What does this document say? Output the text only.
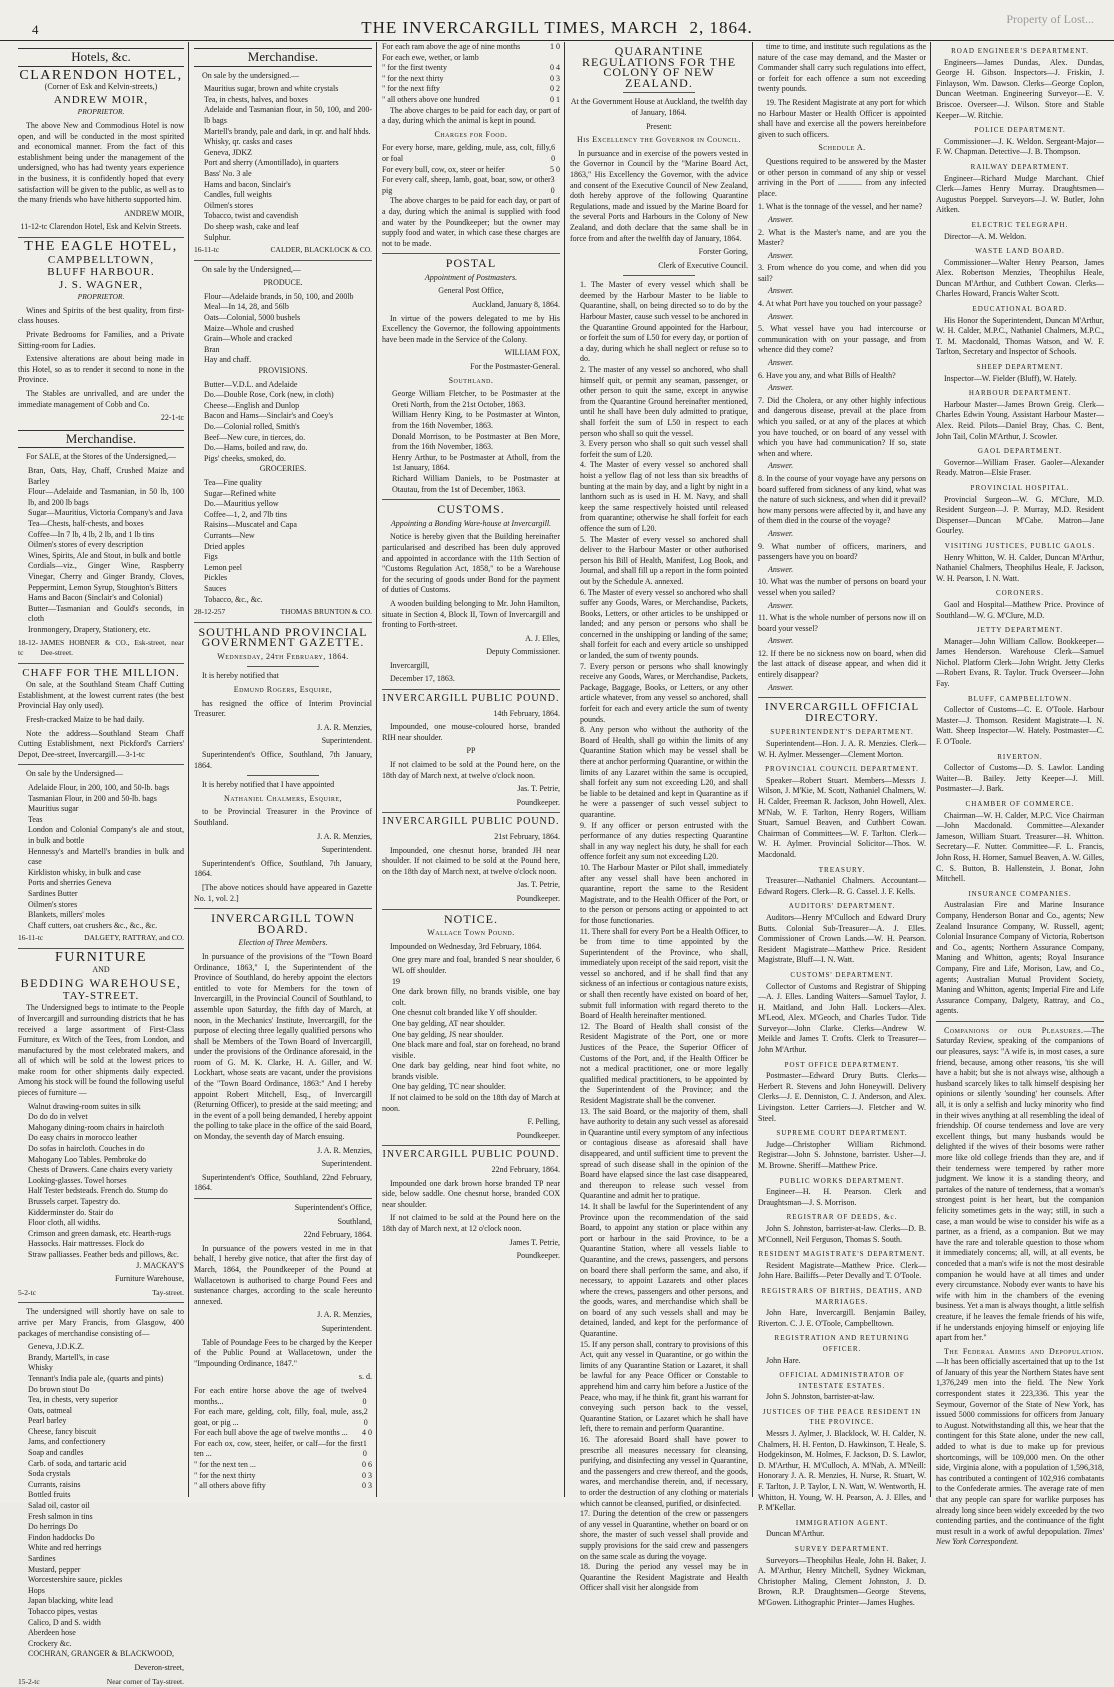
4	THE INVERCARGILL TIMES, MARCH 2, 1864.	Property of Lost...
Hotels, &c.
CLARENDON HOTEL,
(Corner of Esk and Kelvin-streets,)
ANDREW MOIR,
PROPRIETOR.

The above New and Commodious Hotel is now open, and will be conducted in the most spirited and economical manner. From the fact of this establishment being under the management of the undersigned, who has had twenty years experience in the business, it is confidently hoped that every satisfaction will be given to the public, as well as to the many friends who have hitherto supported him.

ANDREW MOIR,

11-12-tc Clarendon Hotel, Esk and Kelvin Streets.

THE EAGLE HOTEL,
CAMPBELLTOWN,
BLUFF HARBOUR.
J. S. WAGNER,
PROPRIETOR.

Wines and Spirits of the best quality, from first-class houses.

Private Bedrooms for Families, and a Private Sitting-room for Ladies.

Extensive alterations are about being made in this Hotel, so as to render it second to none in the Province.

The Stables are unrivalled, and are under the immediate management of Cobb and Co.

22-1-tc

Merchandise.

For SALE, at the Stores of the Undersigned,—

Bran, Oats, Hay, Chaff, Crushed Maize and Barley

Flour—Adelaide and Tasmanian, in 50 lb, 100 lb, and 200 lb bags

Sugar—Mauritius, Victoria Company's and Java

Tea—Chests, half-chests, and boxes

Coffee—In 7 lb, 4 lb, 2 lb, and 1 lb tins

Oilmen's stores of every description

Wines, Spirits, Ale and Stout, in bulk and bottle

Cordials—viz., Ginger Wine, Raspberry Vinegar, Cherry and Ginger Brandy, Cloves, Peppermint, Lemon Syrup, Stoughton's Bitters

Hams and Bacon (Sinclair's and Colonial)

Butter—Tasmanian and Gould's seconds, in cloth

Ironmongery, Drapery, Stationery, etc.

18-12-tc
JAMES HOBNER & CO., Esk-street, near Dee-street.
CHAFF FOR THE MILLION.

On sale, at the Southland Steam Chaff Cutting Establishment, at the lowest current rates (the best Provincial Hay only used).

Fresh-cracked Maize to be had daily.

Note the address—Southland Steam Chaff Cutting Establishment, next Pickford's Carriers' Depot, Dee-street, Invercargill.—3-1-tc

On sale by the Undersigned—

Adelaide Flour, in 200, 100, and 50-lb. bags

Tasmanian Flour, in 200 and 50-lb. bags

Mauritius sugar

Teas

London and Colonial Company's ale and stout, in bulk and bottle

Hennessy's and Martell's brandies in bulk and case

Kirkliston whisky, in bulk and case

Ports and sherries Geneva

Sardines Butter

Oilmen's stores

Blankets, millers' moles

Chaff cutters, oat crushers &c., &c., &c.

16-11-tc	DALGETY, RATTRAY, and CO.
FURNITURE
AND
BEDDING WAREHOUSE,
TAY-STREET.

The Undersigned begs to intimate to the People of Invercargill and surrounding districts that he has received a large assortment of First-Class Furniture, ex Witch of the Tees, from London, and manufactured by the most celebrated makers, and all of which will be sold at the lowest prices to make room for other shipments daily expected. Among his stock will be found the following useful pieces of furniture —

Walnut drawing-room suites in silk

Do do do in velvet

Mahogany dining-room chairs in haircloth

Do easy chairs in morocco leather

Do sofas in haircloth. Couches in do

Mahogany Loo Tables. Pembroke do

Chests of Drawers. Cane chairs every variety

Looking-glasses. Towel horses

Half Tester bedsteads. French do. Stump do

Brussels carpet. Tapestry do.

Kidderminster do. Stair do

Floor cloth, all widths.

Crimson and green damask, etc. Hearth-rugs

Hassocks. Hair mattresses. Flock do

Straw palliasses. Feather beds and pillows, &c.

J. MACKAY'S

Furniture Warehouse,

5-2-tc	Tay-street.

The undersigned will shortly have on sale to arrive per Mary Francis, from Glasgow, 400 packages of merchandise consisting of—

Geneva, J.D.K.Z.

Brandy, Martell's, in case

Whisky

Tennant's India pale ale, (quarts and pints)

Do brown stout Do

Tea, in chests, very superior

Oats, oatmeal

Pearl barley

Cheese, fancy biscuit

Jams, and confectionery

Soap and candles

Carb. of soda, and tartaric acid

Soda crystals

Currants, raisins

Bottled fruits

Salad oil, castor oil

Fresh salmon in tins

Do herrings Do

Findon haddocks Do

White and red herrings

Sardines

Mustard, pepper

Worcestershire sauce, pickles

Hops

Japan blacking, white lead

Tobacco pipes, vestas

Calico, D and S. width

Aberdeen hose

Crockery &c.

COCHRAN, GRANGER & BLACKWOOD,

Deveron-street,

15-2-tc	Near corner of Tay-street.
Merchandise.

On sale by the undersigned.—

Mauritius sugar, brown and white crystals

Tea, in chests, halves, and boxes

Adelaide and Tasmanian flour, in 50, 100, and 200-lb bags

Martell's brandy, pale and dark, in qr. and half hhds.

Whisky, qr. casks and cases

Geneva, JDKZ

Port and sherry (Amontillado), in quarters

Bass' No. 3 ale

Hams and bacon, Sinclair's

Candles, full weights

Oilmen's stores

Tobacco, twist and cavendish

Do sheep wash, cake and leaf

Sulphur.

16-11-tc	CALDER, BLACKLOCK & CO.

On sale by the Undersigned,—

PRODUCE.

Flour—Adelaide brands, in 50, 100, and 200lb

Meal—In 14, 28, and 56lb

Oats—Colonial, 5000 bushels

Maize—Whole and crushed

Grain—Whole and cracked

Bran

Hay and chaff.

PROVISIONS.

Butter—V.D.L. and Adelaide

Do.—Double Rose, Cork (new, in cloth)

Cheese—English and Dunlop

Bacon and Hams—Sinclair's and Coey's

Do.—Colonial rolled, Smith's

Beef—New cure, in tierces, do.

Do.—Hams, boiled and raw, do.

Pigs' cheeks, smoked, do.

GROCERIES.

Tea—Fine quality

Sugar—Refined white

Do.—Mauritius yellow

Coffee—1, 2, and 7lb tins

Raisins—Muscatel and Capa

Currants—New

Dried apples

Figs

Lemon peel

Pickles

Sauces

Tobacco, &c., &c.

28-12-257	THOMAS BRUNTON & CO.
SOUTHLAND PROVINCIAL GOVERNMENT GAZETTE.

Wednesday, 24th February, 1864.

It is hereby notified that

Edmund Rogers, Esquire,

has resigned the office of Interim Provincial Treasurer.

J. A. R. Menzies,

Superintendent.

Superintendent's Office, Southland, 7th January, 1864.

It is hereby notified that I have appointed

Nathaniel Chalmers, Esquire,

to be Provincial Treasurer in the Province of Southland.

J. A. R. Menzies,

Superintendent.

Superintendent's Office, Southland, 7th January, 1864.

[The above notices should have appeared in Gazette No. 1, vol. 2.]

INVERCARGILL TOWN BOARD.

Election of Three Members.

In pursuance of the provisions of the "Town Board Ordinance, 1863," I, the Superintendent of the Province of Southland, do hereby appoint the electors entitled to vote for Members for the town of Invercargill, in the Provincial Council of Southland, to assemble upon Saturday, the fifth day of March, at noon, in the Mechanics' Institute, Invercargill, for the purpose of electing three legally qualified persons who shall be Members of the Town Board of Invercargill, under the provisions of the Ordinance aforesaid, in the room of G. M. K. Clarke, H. A. Giller, and W. Lockhart, whose seats are vacant, under the provisions of the "Town Board Ordinance, 1863:" And I hereby appoint Robert Mitchell, Esq., of Invercargill (Returning Officer), to preside at the said meeting; and in the event of a poll being demanded, I hereby appoint the polling to take place in the office of the said Board, on Monday, the seventh day of March ensuing.

J. A. R. Menzies,

Superintendent.

Superintendent's Office, Southland, 22nd February, 1864.

Superintendent's Office,

Southland,

22nd February, 1864.

In pursuance of the powers vested in me in that behalf, I hereby give notice, that after the first day of March, 1864, the Poundkeeper of the Pound at Wallacetown is authorised to charge Pound Fees and sustenance charges, according to the scale hereunto annexed.

J. A. R. Menzies,

Superintendent.

Table of Poundage Fees to be charged by the Keeper of the Public Pound at Wallacetown, under the "Impounding Ordinance, 1847."

s. d.

For each entire horse above the age of twelve months...
4 0
For each mare, gelding, colt, filly, foal, mule, ass, goat, or pig ...
2 0
For each bull above the age of twelve months ... 4 0
For each ox, cow, steer, heifer, or calf—for the first ten ...
1 0
" for the next ten ...	0 6
" for the next thirty	0 3
" all others above fifty	0 3
For each ram above the age of nine months	1 0
For each ewe, wether, or lamb
" for the first twenty	0 4
" for the next thirty	0 3
" for the next fifty	0 2
" all others above one hundred	0 1

The above charges to be paid for each day, or part of a day, during which the animal is kept in pound.

Charges for Food.

For every horse, mare, gelding, mule, ass, colt, filly, or foal
6 0
For every bull, cow, ox, steer or heifer	5 0
For every calf, sheep, lamb, goat, boar, sow, or other pig
3 0

The above charges to be paid for each day, or part of a day, during which the animal is supplied with food and water by the Poundkeeper; but the owner may supply food and water, in which case these charges are not to be made.

POSTAL

Appointment of Postmasters.

General Post Office,

Auckland, January 8, 1864.

In virtue of the powers delegated to me by His Excellency the Governor, the following appointments have been made in the Service of the Colony.

WILLIAM FOX,

For the Postmaster-General.

Southland.

George William Fletcher, to be Postmaster at the Oreti North, from the 21st October, 1863.

William Henry King, to be Postmaster at Winton, from the 16th November, 1863.

Donald Morrison, to be Postmaster at Ben More, from the 16th November, 1863.

Henry Arthur, to be Postmaster at Atholl, from the 1st January, 1864.

Richard William Daniels, to be Postmaster at Otautau, from the 1st of December, 1863.

CUSTOMS.

Appointing a Bonding Ware-house at Invercargill.

Notice is hereby given that the Building hereinafter particularised and described has been duly approved and appointed in accordance with the 11th Section of "Customs Regulation Act, 1858," to be a Warehouse for the securing of goods under Bond for the payment of duties of Customs.

A wooden building belonging to Mr. John Hamilton, situate in Section 4, Block II, Town of Invercargill and fronting to Forth-street.

A. J. Elles,

Deputy Commissioner.

Invercargill,

December 17, 1863.

INVERCARGILL PUBLIC POUND.

14th February, 1864.

Impounded, one mouse-coloured horse, branded RIH near shoulder.

PP

If not claimed to be sold at the Pound here, on the 18th day of March next, at twelve o'clock noon.

Jas. T. Petrie,

Poundkeeper.

INVERCARGILL PUBLIC POUND.

21st February, 1864.

Impounded, one chesnut horse, branded JH near shoulder. If not claimed to be sold at the Pound here, on the 18th day of March next, at twelve o'clock noon.

Jas. T. Petrie,

Poundkeeper.

NOTICE.

Wallace Town Pound.

Impounded on Wednesday, 3rd February, 1864.

One grey mare and foal, branded S near shoulder, 6 WL off shoulder.

19

One dark brown filly, no brands visible, one bay colt.

One chesnut colt branded like Y off shoulder.

One bay gelding, AT near shoulder.

One bay gelding, JS near shoulder.

One black mare and foal, star on forehead, no brand visible.

One dark bay gelding, near hind foot white, no brands visible.

One bay gelding, TC near shoulder.

If not claimed to be sold on the 18th day of March at noon.

F. Pelling,

Poundkeeper.

INVERCARGILL PUBLIC POUND.

22nd February, 1864.

Impounded one dark brown horse branded TP near side, below saddle. One chesnut horse, branded COX near shoulder.

If not claimed to be sold at the Pound here on the 18th day of March next, at 12 o'clock noon.

James T. Petrie,

Poundkeeper.

QUARANTINE REGULATIONS FOR THE COLONY OF NEW ZEALAND.

At the Government House at Auckland, the twelfth day of January, 1864.

Present:

His Excellency the Governor in Council.

In pursuance and in exercise of the powers vested in the Governor in Council by the "Marine Board Act, 1863," His Excellency the Governor, with the advice and consent of the Executive Council of New Zealand, doth hereby approve of the following Quarantine Regulations, made and issued by the Marine Board for the several Ports and Harbours in the Colony of New Zealand, and doth declare that the same shall be in force from and after the twelfth day of January, 1864.

Forster Goring,

Clerk of Executive Council.

1. The Master of every vessel which shall be deemed by the Harbour Master to be liable to Quarantine, shall, on being directed so to do by the Harbour Master, cause such vessel to be anchored in the Quarantine Ground appointed for the Harbour, or forfeit the sum of L50 for every day, or portion of a day, during which he shall neglect or refuse so to do.

2. The master of any vessel so anchored, who shall himself quit, or permit any seaman, passenger, or other person to quit the same, except in anywise from the Quarantine Ground hereinafter mentioned, until he shall have been duly admitted to pratique, shall forfeit the sum of L50 in respect to each person who shall so quit the vessel.

3. Every person who shall so quit such vessel shall forfeit the sum of L20.

4. The Master of every vessel so anchored shall hoist a yellow flag of not less than six breadths of bunting at the main by day, and a light by night in a lanthorn such as is used in H. M. Navy, and shall keep the same respectively hoisted until released from quarantine; otherwise he shall forfeit for each offence the sum of L20.

5. The Master of every vessel so anchored shall deliver to the Harbour Master or other authorised person his Bill of Health, Manifest, Log Book, and Journal, and shall fill up a report in the form pointed out by the Schedule A. annexed.

6. The Master of every vessel so anchored who shall suffer any Goods, Wares, or Merchandise, Packets, Books, Letters, or other articles to be unshipped or landed; and any person or persons who shall be concerned in the unshipping or landing of the same; shall forfeit for each and every article so unshipped or landed, the sum of twenty pounds.

7. Every person or persons who shall knowingly receive any Goods, Wares, or Merchandise, Packets, Package, Baggage, Books, or Letters, or any other article whatever, from any vessel so anchored, shall forfeit for each and every article the sum of twenty pounds.

8. Any person who without the authority of the Board of Health, shall go within the limits of any Quarantine Station which may be vessel shall be there at anchor performing Quarantine, or within the limits of any Lazaret within the same is occupied, shall forfeit any sum not exceeding L20, and shall be liable to be detained and kept in Quarantine as if he were a passenger of such vessel subject to quarantine.

9. If any officer or person entrusted with the performance of any duties respecting Quarantine shall in any way neglect his duty, he shall for each offence forfeit any sum not exceeding L20.

10. The Harbour Master or Pilot shall, immediately after any vessel shall have been anchored in quarantine, report the same to the Resident Magistrate, and to the Health Officer of the Port, or to the person or persons acting or appointed to act for those functionaries.

11. There shall for every Port be a Health Officer, to be from time to time appointed by the Superintendent of the Province, who shall, immediately upon receipt of the said report, visit the vessel so anchored, and if he shall find that any sickness of an infectious or contagious nature exists, or shall then recently have existed on board of her, submit full information with regard thereto to the Board of Health hereinafter mentioned.

12. The Board of Health shall consist of the Resident Magistrate of the Port, one or more Justices of the Peace, the Superior Officer of Customs of the Port, and, if the Health Officer be not a medical practitioner, one or more legally qualified medical practitioners, to be appointed by the Superintendent of the Province; and the Resident Magistrate shall be the convener.

13. The said Board, or the majority of them, shall have authority to detain any such vessel as aforesaid in Quarantine until every symptom of any infectious or contagious disease as aforesaid shall have disappeared, and until sufficient time to prevent the spread of such disease shall in the opinion of the Board have elapsed since the last case disappeared, and thereupon to release such vessel from Quarantine and admit her to pratique.

14. It shall be lawful for the Superintendent of any Province upon the recommendation of the said Board, to appoint any station or place within any port or harbour in the said Province, to be a Quarantine Station, where all vessels liable to Quarantine, and the crews, passengers, and persons on board there shall perform the same, and also, if necessary, to appoint Lazarets and other places where the crews, passengers and other persons, and the goods, wares, and merchandise which shall be on board of any such vessels shall and may be detained, landed, and kept for the performance of Quarantine.

15. If any person shall, contrary to provisions of this Act, quit any vessel in Quarantine, or go within the limits of any Quarantine Station or Lazaret, it shall be lawful for any Peace Officer or Constable to apprehend him and carry him before a Justice of the Peace, who may, if he think fit, grant his warrant for conveying such person back to the vessel, Quarantine Station, or Lazaret which he shall have left, there to remain and perform Quarantine.

16. The aforesaid Board shall have power to prescribe all measures necessary for cleansing, purifying, and disinfecting any vessel in Quarantine, and the passengers and crew thereof, and the goods, wares, and merchandise therein, and, if necessary, to order the destruction of any clothing or materials which cannot be cleansed, purified, or disinfected.

17. During the detention of the crew or passengers of any vessel in Quarantine, whether on board or on shore, the master of such vessel shall provide and supply provisions for the said crew and passengers on the same scale as during the voyage.

18. During the period any vessel may be in Quarantine the Resident Magistrate and Health Officer shall visit her alongside from

time to time, and institute such regulations as the nature of the case may demand, and the Master or Commander shall carry such regulations into effect, or forfeit for each offence a sum not exceeding twenty pounds.

19. The Resident Magistrate at any port for which no Harbour Master or Health Officer is appointed shall have and exercise all the powers hereinbefore given to such officers.

Schedule A.

Questions required to be answered by the Master or other person in command of any ship or vessel arriving in the Port of ............ from any infected place.

1. What is the tonnage of the vessel, and her name?

Answer.

2. What is the Master's name, and are you the Master?

Answer.

3. From whence do you come, and when did you sail?

Answer.

4. At what Port have you touched on your passage?

Answer.

5. What vessel have you had intercourse or communication with on your passage, and from whence did they come?

Answer.

6. Have you any, and what Bills of Health?

Answer.

7. Did the Cholera, or any other highly infectious and dangerous disease, prevail at the place from which you sailed, or at any of the places at which you have touched, or on board of any vessel with which you have had communication? If so, state when and where.

Answer.

8. In the course of your voyage have any persons on board suffered from sickness of any kind, what was the nature of such sickness, and when did it prevail? how many persons were affected by it, and have any of them died in the course of the voyage?

Answer.

9. What number of officers, mariners, and passengers have you on board?

Answer.

10. What was the number of persons on board your vessel when you sailed?

Answer.

11. What is the whole number of persons now ill on board your vessel?

Answer.

12. If there be no sickness now on board, when did the last attack of disease appear, and when did it entirely disappear?

Answer.

INVERCARGILL OFFICIAL DIRECTORY.

SUPERINTENDENT'S DEPARTMENT.

Superintendent—Hon. J. A. R. Menzies. Clerk—W. H. Aylmer. Messenger—Clement Morton.

PROVINCIAL COUNCIL DEPARTMENT.

Speaker—Robert Stuart. Members—Messrs J. Wilson, J. M'Kie, M. Scott, Nathaniel Chalmers, W. H. Calder, Freeman R. Jackson, John Howell, Alex. M'Nab, W. F. Tarlton, Henry Rogers, William Stuart, Samuel Beaven, and Cuthbert Cowan. Chairman of Committees—W. F. Tarlton. Clerk—W. H. Aylmer. Provincial Solicitor—Thos. W. Macdonald.

TREASURY.

Treasurer—Nathaniel Chalmers. Accountant—Edward Rogers. Clerk—R. G. Cassel. J. F. Kells.

AUDITORS' DEPARTMENT.

Auditors—Henry M'Culloch and Edward Drury Butts. Colonial Sub-Treasurer—A. J. Elles. Commissioner of Crown Lands.—W. H. Pearson. Resident Magistrate—Matthew Price. Resident Magistrate, Bluff—I. N. Watt.

CUSTOMS' DEPARTMENT.

Collector of Customs and Registrar of Shipping—A. J. Elles. Landing Waiters—Samuel Taylor, J. H. Maitland, and John Hall. Lockers—Alex. M'Leod, Alex. M'Geoch, and Charles Tudor. Tide Surveyor—John Clarke. Clerks—Andrew W. Meikle and James T. Crofts. Clerk to Treasurer—John M'Arthur.

POST OFFICE DEPARTMENT.

Postmaster—Edward Drury Butts. Clerks—Herbert R. Stevens and John Honeywill. Delivery Clerks—J. E. Denniston, C. J. Anderson, and Alex. Livingston. Letter Carriers—J. Fletcher and W. Steel.

SUPREME COURT DEPARTMENT.

Judge—Christopher William Richmond. Registrar—John S. Johnstone, barrister. Usher—J. M. Browne. Sheriff—Matthew Price.

PUBLIC WORKS DEPARTMENT.

Engineer—H. H. Pearson. Clerk and Draughtsman—J. S. Morrison.

REGISTRAR OF DEEDS, &c.

John S. Johnston, barrister-at-law. Clerks—D. B. M'Connell, Neil Ferguson, Thomas S. South.

RESIDENT MAGISTRATE'S DEPARTMENT.

Resident Magistrate—Matthew Price. Clerk—John Hare. Bailiffs—Peter Devally and T. O'Toole.

REGISTRARS OF BIRTHS, DEATHS, AND MARRIAGES.

John Hare, Invercargill. Benjamin Bailey, Riverton. C. J. E. O'Toole, Campbelltown.

REGISTRATION AND RETURNING OFFICER.

John Hare.

OFFICIAL ADMINISTRATOR OF INTESTATE ESTATES.

John S. Johnston, barrister-at-law.

JUSTICES OF THE PEACE RESIDENT IN THE PROVINCE.

Messrs J. Aylmer, J. Blacklock, W. H. Calder, N. Chalmers, H. H. Fenton, D. Hawkinson, T. Heale, S. Hodgekinson, M. Holmes, F. Jackson, D. S. Lawlor, D. M'Arthur, H. M'Culloch, A. M'Nab, A. M'Neill: Honorary J. A. R. Menzies, H. Nurse, R. Stuart, W. F. Tarlton, J. P. Taylor, I. N. Watt, W. Wentworth, H. Whitton, H. Young, W. H. Pearson, A. J. Elles, and P. M'Kellar.

IMMIGRATION AGENT.

Duncan M'Arthur.

SURVEY DEPARTMENT.

Surveyors—Theophilus Heale, John H. Baker, J. A. M'Arthur, Henry Mitchell, Sydney Wickman, Christopher Maling, Clement Johnston, J. D. Brown, R.P. Draughtsmen—George Stevens, M'Gowen. Lithographic Printer—James Hughes.

ROAD ENGINEER'S DEPARTMENT.

Engineers—James Dundas, Alex. Dundas, George H. Gibson. Inspectors—J. Friskin, J. Finlayson, Wm. Dawson. Clerks—George Coplon, Duncan Weetman. Engineering Surveyor—E. V. Briscoe. Overseer—J. Wilson. Store and Stable Keeper—W. Ritchie.

POLICE DEPARTMENT.

Commissioner—J. K. Weldon. Sergeant-Major—F. W. Chapman. Detective—J. B. Thompson.

RAILWAY DEPARTMENT.

Engineer—Richard Mudge Marchant. Chief Clerk—James Henry Murray. Draughtsmen—Augustus Poeppel. Surveyors—J. W. Butler, John Aitken.

ELECTRIC TELEGRAPH.

Director—A. M. Weldon.

WASTE LAND BOARD.

Commissioner—Walter Henry Pearson, James Alex. Robertson Menzies, Theophilus Heale, Duncan M'Arthur, and Cuthbert Cowan. Clerks—Charles Howard, Francis Walter Scott.

EDUCATIONAL BOARD.

His Honor the Superintendent, Duncan M'Arthur, W. H. Calder, M.P.C., Nathaniel Chalmers, M.P.C., T. M. Macdonald, Thomas Watson, and W. F. Tarlton, Secretary and Inspector of Schools.

SHEEP DEPARTMENT.

Inspector—W. Fielder (Bluff), W. Hately.

HARBOUR DEPARTMENT.

Harbour Master—James Brown Greig. Clerk—Charles Edwin Young. Assistant Harbour Master—Alex. Reid. Pilots—Daniel Bray, Chas. C. Bent, John Tail, Colin M'Arthur, J. Scowler.

GAOL DEPARTMENT.

Governor—William Fraser. Gaoler—Alexander Ready. Matron—Elsie Fraser.

PROVINCIAL HOSPITAL.

Provincial Surgeon—W. G. M'Clure, M.D. Resident Surgeon—J. P. Murray, M.D. Resident Dispenser—Duncan M'Cabe. Matron—Jane Gourley.

VISITING JUSTICES, PUBLIC GAOLS.

Henry Whitton, W. H. Calder, Duncan M'Arthur, Nathaniel Chalmers, Theophilus Heale, F. Jackson, W. H. Pearson, I. N. Watt.

CORONERS.

Gaol and Hospital—Matthew Price. Province of Southland—W. G. M'Clure, M.D.

JETTY DEPARTMENT.

Manager—John William Callow. Bookkeeper—James Henderson. Warehouse Clerk—Samuel Nichol. Platform Clerk—John Wright. Jetty Clerks—Robert Evans, R. Taylor. Truck Overseer—John Fay.

BLUFF, CAMPBELLTOWN.

Collector of Customs—C. E. O'Toole. Harbour Master—J. Thomson. Resident Magistrate—I. N. Watt. Sheep Inspector—W. Hately. Postmaster—C. F. O'Toole.

RIVERTON.

Collector of Customs—D. S. Lawlor. Landing Waiter—B. Bailey. Jetty Keeper—J. Mill. Postmaster—J. Bark.

CHAMBER OF COMMERCE.

Chairman—W. H. Calder, M.P.C. Vice Chairman—John Macdonald. Committee—Alexander Jameson, William Stuart. Treasurer—H. Whitton. Secretary—F. Nutter. Committee—F. L. Francis, John Ross, H. Horner, Samuel Beaven, A. W. Gilles, C. S. Button, B. Hallenstein, J. Bonar, John Mitchell.

INSURANCE COMPANIES.

Australasian Fire and Marine Insurance Company, Henderson Bonar and Co., agents; New Zealand Insurance Company, W. Russell, agent; Colonial Insurance Company of Victoria, Robertson and Co., agents; Northern Assurance Company, Maning and Whitton, agents; Royal Insurance Company, Fire and Life, Morison, Law, and Co., agents; Australian Mutual Provident Society, Maning and Whitton, agents; Imperial Fire and Life Assurance Company, Dalgety, Rattray, and Co., agents.

Companions of our Pleasures.—The Saturday Review, speaking of the companions of our pleasures, says: "A wife is, in most cases, a sure friend, because, among other reasons, 'tis she will have a habit; but she is not always wise, although a husband scarcely likes to talk himself despising her opinions or silently 'sounding' her counsels. After all, it is only a selfish and lucky minority who find in their wives anything at all resembling the ideal of friendship. Of course tenderness and love are very excellent things, but many husbands would be delighted if the wives of their bosoms were rather more like old college friends than they are, and if their tenderness were tempered by rather more judgment. We know it is a standing theory, and partakes of the nature of tenderness, that a woman's strongest point is her heart, but the companion felicity sometimes gets in the way; still, in such a case, a man would be wise to consider his wife as a partner, as a friend, as a companion. But we may have the rare and tolerable question to those whom it immediately concerns; all, will, at all events, be conceded that a man's wife is not the most desirable companion he would have at all times and under every circumstance. Nobody ever wants to have his wife with him in the chambers of the evening business. Yet a man is always thought, a little selfish creature, if he leaves the female friends of his wife, if he understands enjoying himself or enjoying life apart from her."

The Federal Armies and Depopulation.—It has been officially ascertained that up to the 1st of January of this year the Northern States have sent 1,376,249 men into the field. The New York correspondent states it 223,336. This year the Seymour, Governor of the State of New York, has issued 5000 commissions for officers from January to August. Notwithstanding all this, we hear that the contingent for this State alone, under the new call, added to what is due to make up for previous shortcomings, will be 109,000 men. On the other side, Virginia alone, with a population of 1,596,318, has contributed a contingent of 102,916 combatants to the Confederate armies. The average rate of men that any people can spare for warlike purposes has already long since been widely exceeded by the two contending parties, and the continuance of the fight must result in a work of awful depopulation. Times' New York Correspondent.
